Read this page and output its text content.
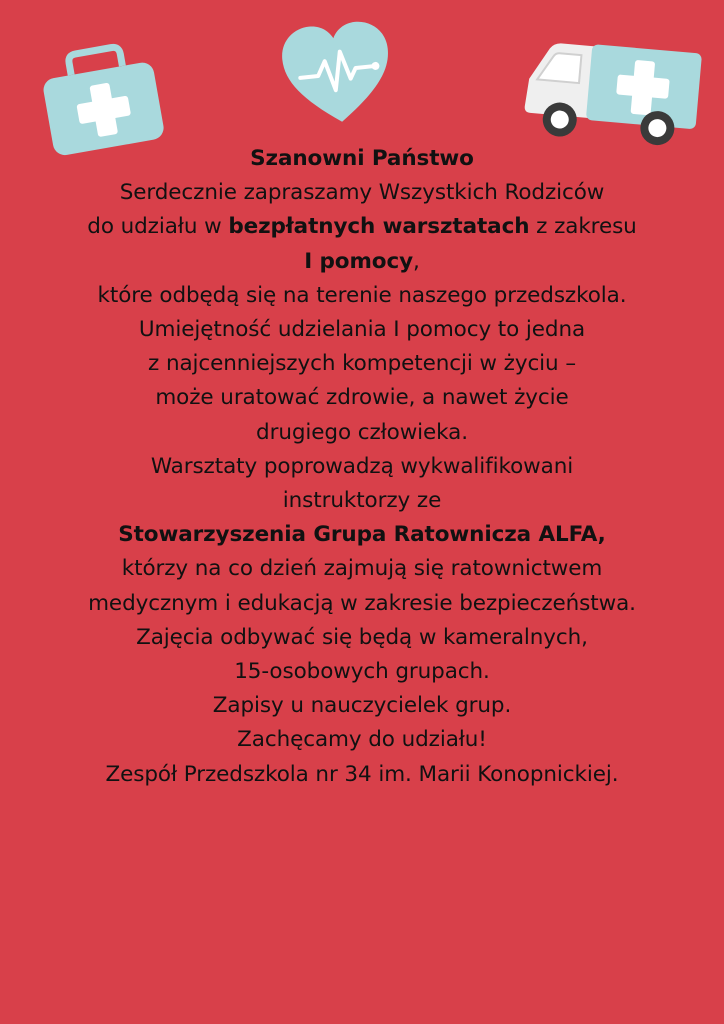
Szanowni Państwo
Serdecznie zapraszamy Wszystkich Rodziców
do udziału w bezpłatnych warsztatach z zakresu
I pomocy,
które odbędą się na terenie naszego przedszkola.
Umiejętność udzielania I pomocy to jedna
z najcenniejszych kompetencji w życiu –
może uratować zdrowie, a nawet życie
drugiego człowieka.
Warsztaty poprowadzą wykwalifikowani
instruktorzy ze
Stowarzyszenia Grupa Ratownicza ALFA,
którzy na co dzień zajmują się ratownictwem
medycznym i edukacją w zakresie bezpieczeństwa.
Zajęcia odbywać się będą w kameralnych,
15-osobowych grupach.
Zapisy u nauczycielek grup.
Zachęcamy do udziału!
Zespół Przedszkola nr 34 im. Marii Konopnickiej.
